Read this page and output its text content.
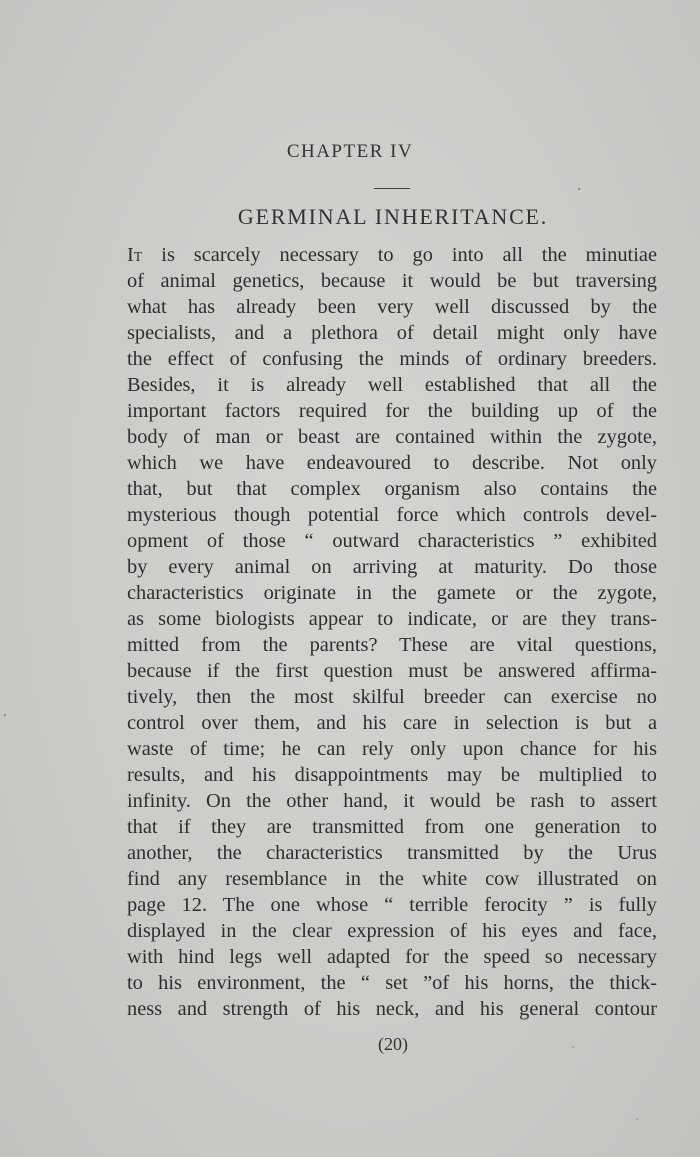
CHAPTER IV
GERMINAL INHERITANCE.
It is scarcely necessary to go into all the minutiae
of animal genetics, because it would be but traversing
what has already been very well discussed by the
specialists, and a plethora of detail might only have
the effect of confusing the minds of ordinary breeders.
Besides, it is already well established that all the
important factors required for the building up of the
body of man or beast are contained within the zygote,
which we have endeavoured to describe. Not only
that, but that complex organism also contains the
mysterious though potential force which controls devel-
opment of those “ outward characteristics ” exhibited
by every animal on arriving at maturity. Do those
characteristics originate in the gamete or the zygote,
as some biologists appear to indicate, or are they trans-
mitted from the parents? These are vital questions,
because if the first question must be answered affirma-
tively, then the most skilful breeder can exercise no
control over them, and his care in selection is but a
waste of time; he can rely only upon chance for his
results, and his disappointments may be multiplied to
infinity. On the other hand, it would be rash to assert
that if they are transmitted from one generation to
another, the characteristics transmitted by the Urus
find any resemblance in the white cow illustrated on
page 12. The one whose “ terrible ferocity ” is fully
displayed in the clear expression of his eyes and face,
with hind legs well adapted for the speed so necessary
to his environment, the “ set ”of his horns, the thick-
ness and strength of his neck, and his general contour
(20)
